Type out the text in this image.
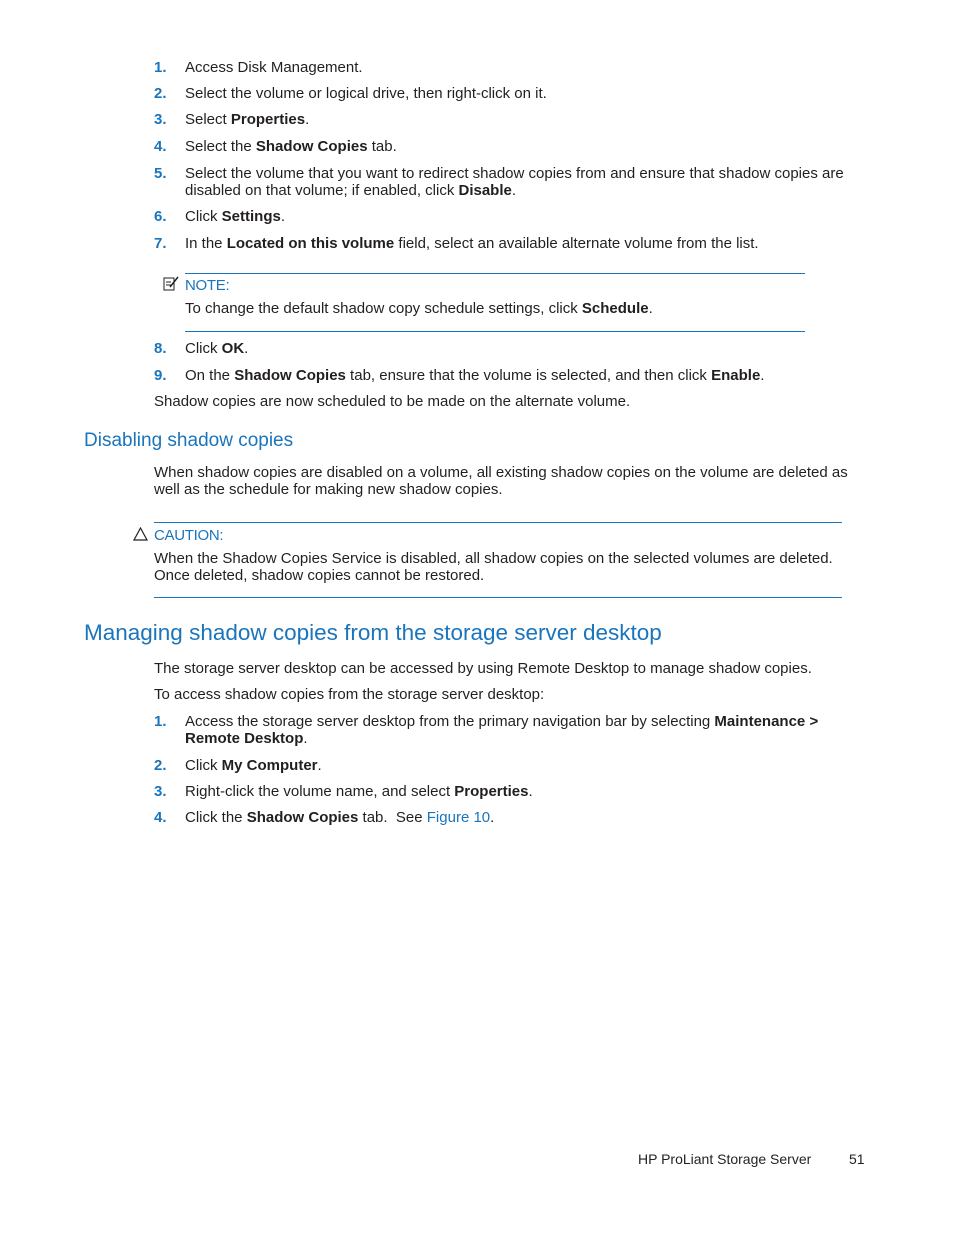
1. Access Disk Management.
2. Select the volume or logical drive, then right-click on it.
3. Select Properties.
4. Select the Shadow Copies tab.
5. Select the volume that you want to redirect shadow copies from and ensure that shadow copies are disabled on that volume; if enabled, click Disable.
6. Click Settings.
7. In the Located on this volume field, select an available alternate volume from the list.
NOTE:
To change the default shadow copy schedule settings, click Schedule.
8. Click OK.
9. On the Shadow Copies tab, ensure that the volume is selected, and then click Enable.

Shadow copies are now scheduled to be made on the alternate volume.

Disabling shadow copies

When shadow copies are disabled on a volume, all existing shadow copies on the volume are deleted as well as the schedule for making new shadow copies.

CAUTION:
When the Shadow Copies Service is disabled, all shadow copies on the selected volumes are deleted. Once deleted, shadow copies cannot be restored.
Managing shadow copies from the storage server desktop

The storage server desktop can be accessed by using Remote Desktop to manage shadow copies.

To access shadow copies from the storage server desktop:

1. Access the storage server desktop from the primary navigation bar by selecting Maintenance > Remote Desktop.
2. Click My Computer.
3. Right-click the volume name, and select Properties.
4. Click the Shadow Copies tab.  See Figure 10.
HP ProLiant Storage Server	51
